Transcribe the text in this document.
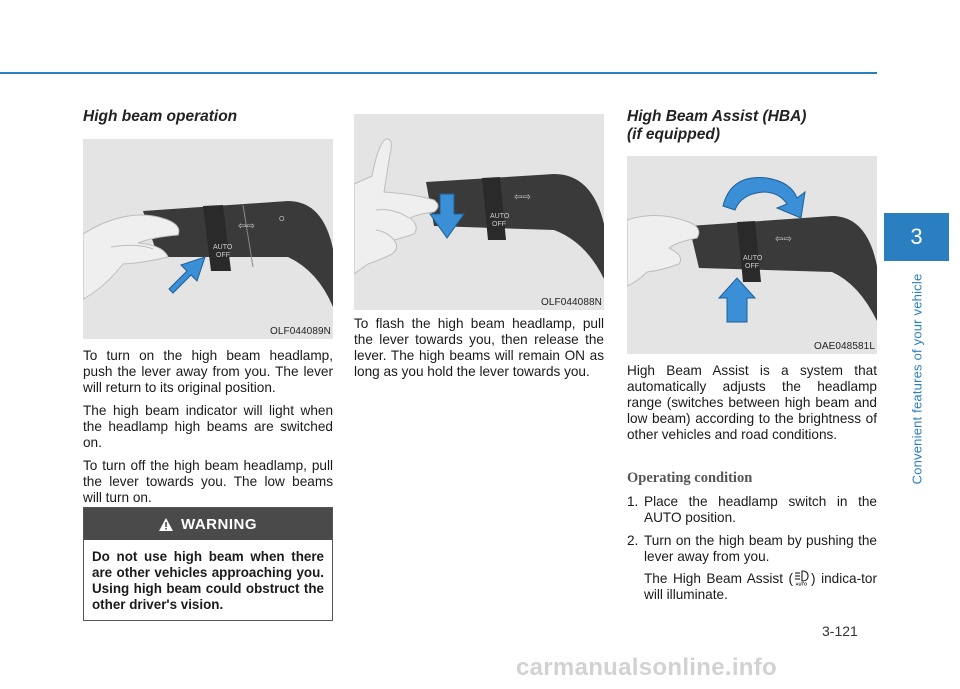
High beam operation
AUTO
OFF
⇦⇨
O
OLF044089N

To turn on the high beam headlamp, push the lever away from you. The lever will return to its original position.

The high beam indicator will light when the headlamp high beams are switched on.

To turn off the high beam headlamp, pull the lever towards you. The low beams will turn on.

WARNING
Do not use high beam when there are other vehicles approaching you. Using high beam could obstruct the other driver's vision.
AUTO
OFF
⇦⇨
OLF044088N

To flash the high beam headlamp, pull the lever towards you, then release the lever. The high beams will remain ON as long as you hold the lever towards you.

High Beam Assist (HBA)
(if equipped)
AUTO
OFF
⇦⇨
OAE048581L

High Beam Assist is a system that automatically adjusts the headlamp range (switches between high beam and low beam) according to the brightness of other vehicles and road conditions.

Operating condition
1. Place the headlamp switch in the AUTO position.
2. Turn on the high beam by pushing the lever away from you.
The High Beam Assist ( AUTO ) indica-tor will illuminate.
3
Convenient features of your vehicle
3-121
carmanualsonline.info
